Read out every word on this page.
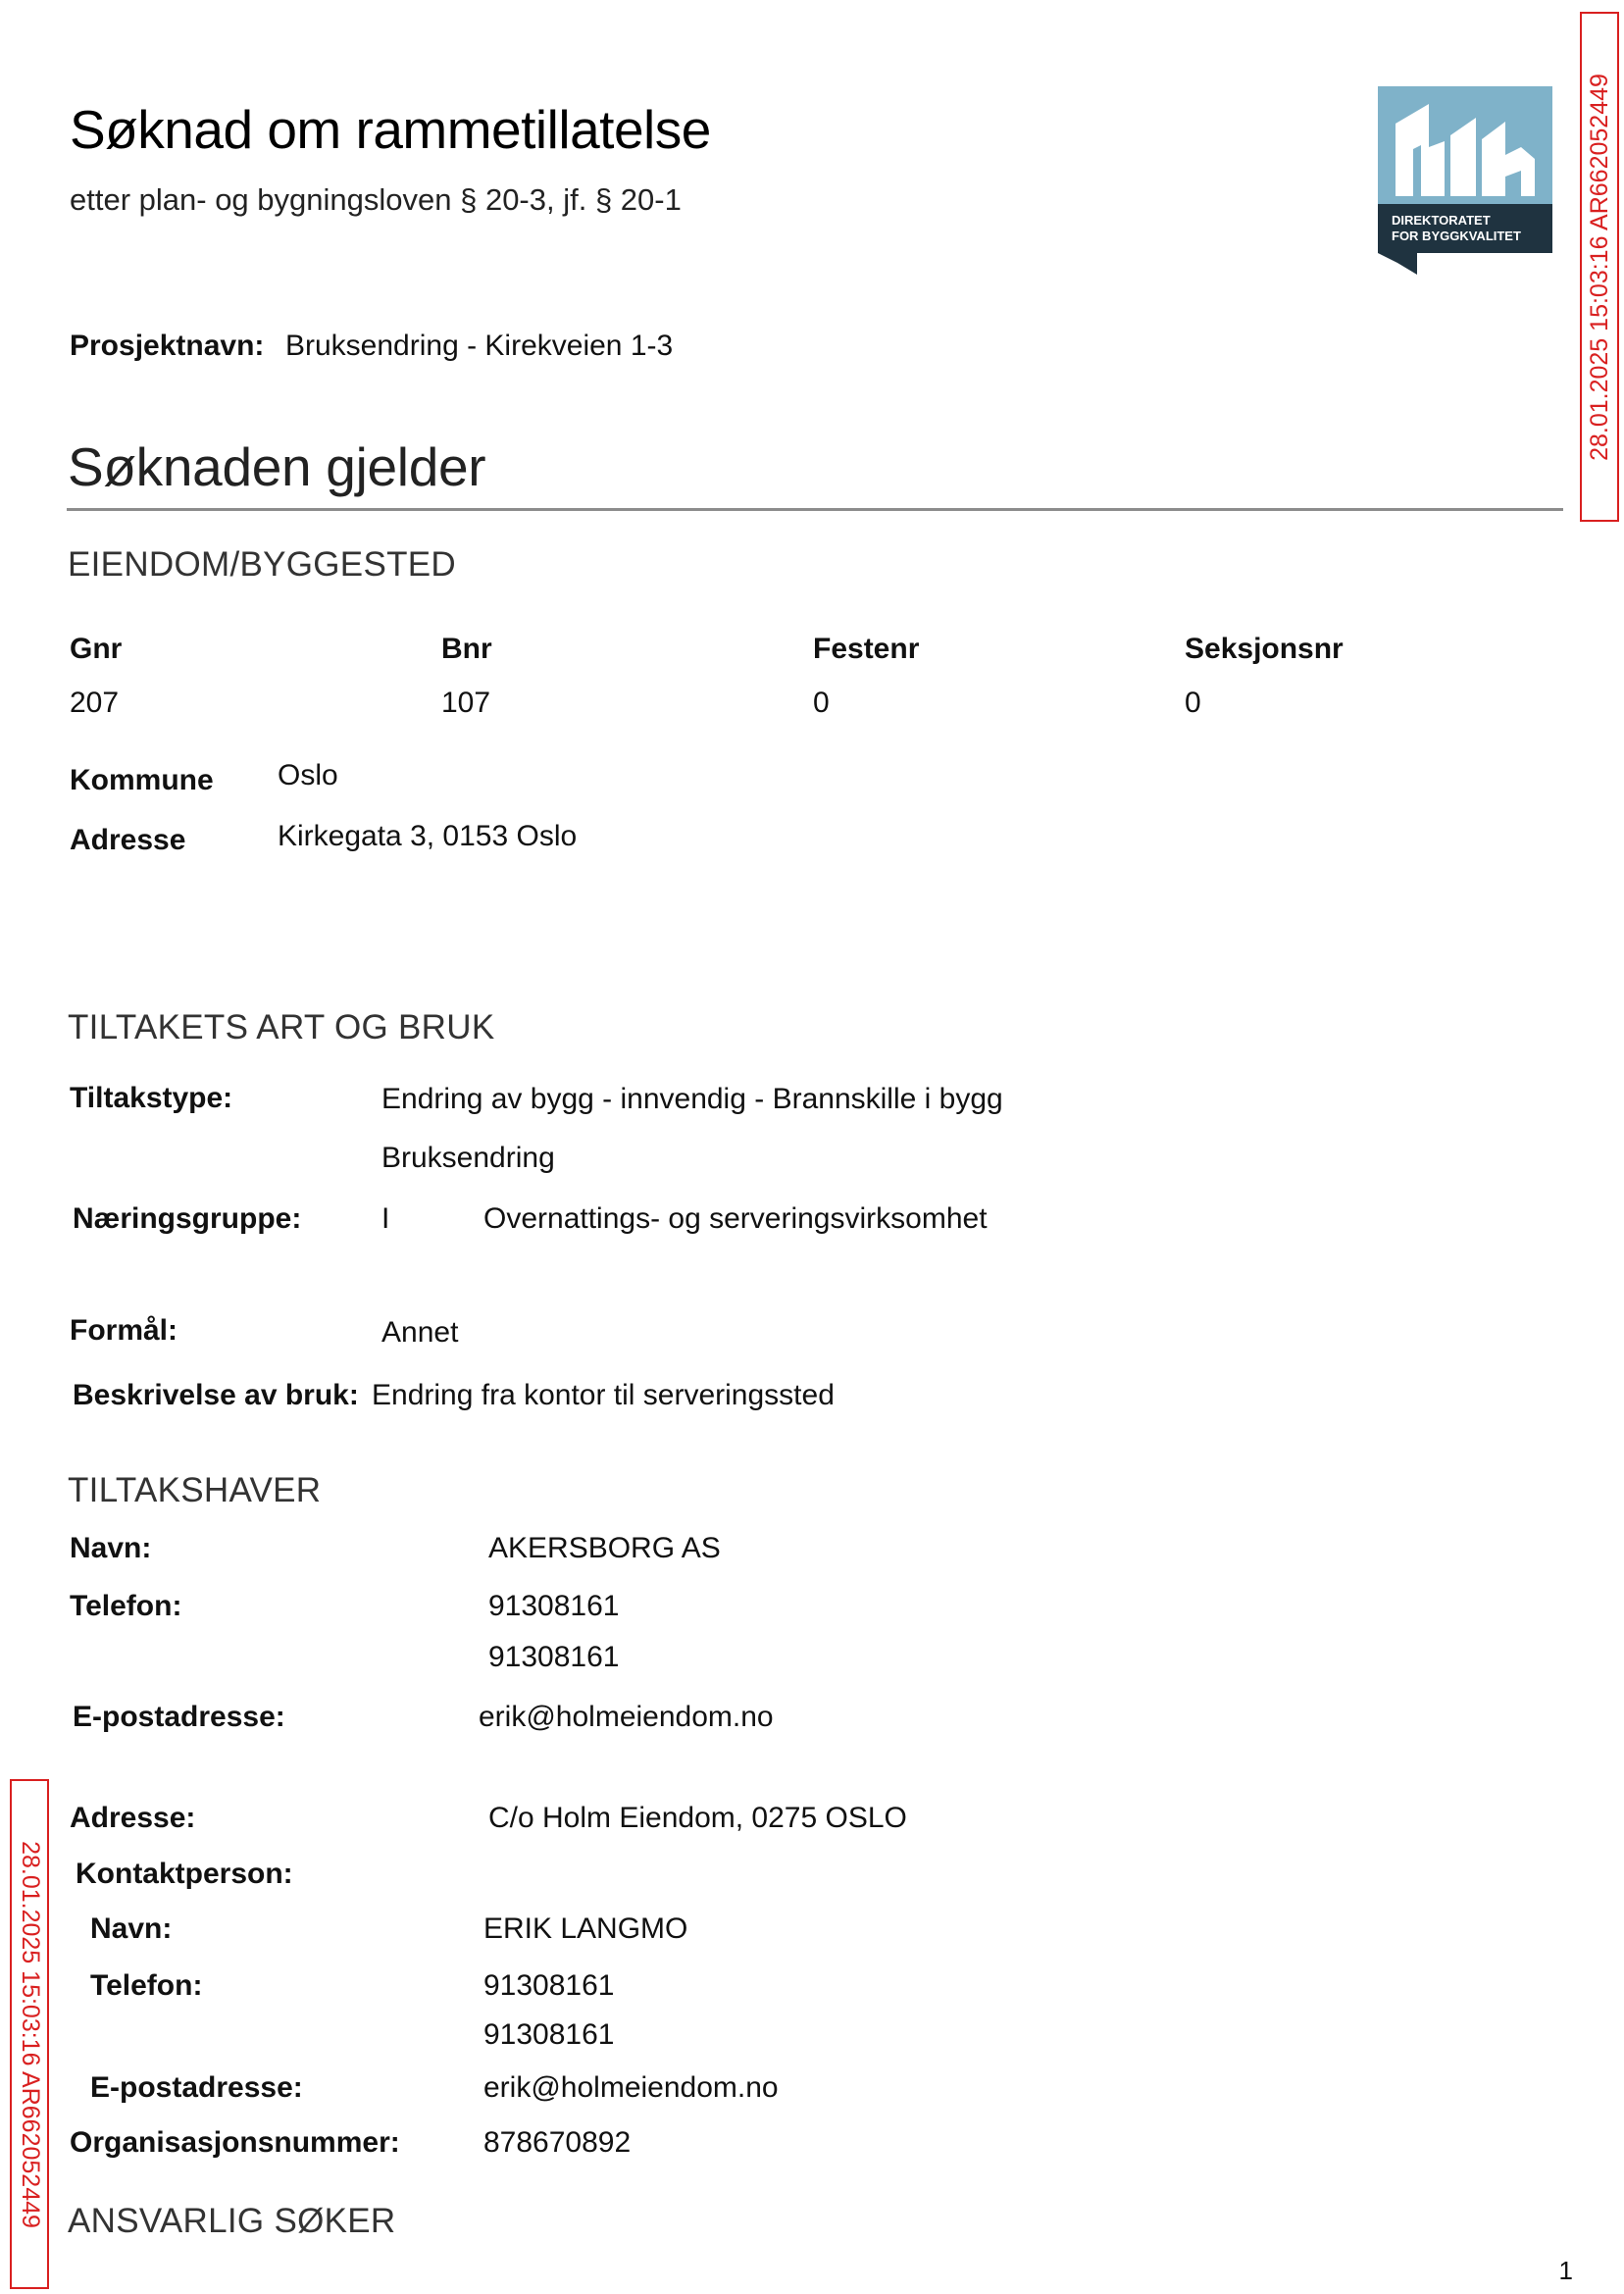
Søknad om rammetillatelse
etter plan- og bygningsloven § 20-3, jf. § 20-1
DIREKTORATET
FOR BYGGKVALITET	28.01.2025 15:03:16 AR662052449
28.01.2025 15:03:16 AR662052449
Prosjektnavn: Bruksendring - Kirekveien 1-3
Søknaden gjelder
EIENDOM/BYGGESTED
Gnr	Bnr	Festenr	Seksjonsnr
207	107	0	0
Kommune Oslo
Adresse	Kirkegata 3, 0153 Oslo
TILTAKETS ART OG BRUK
Tiltakstype:	Endring av bygg - innvendig - Brannskille i bygg
Bruksendring
Næringsgruppe:	I	Overnattings- og serveringsvirksomhet
Formål:	Annet
Beskrivelse av bruk: Endring fra kontor til serveringssted
TILTAKSHAVER
Navn:	AKERSBORG AS
Telefon:	91308161
91308161
E-postadresse:	erik@holmeiendom.no
Adresse:	C/o Holm Eiendom, 0275 OSLO
Kontaktperson:
Navn:	ERIK LANGMO
Telefon:	91308161
91308161
E-postadresse:	erik@holmeiendom.no
Organisasjonsnummer:	878670892
ANSVARLIG SØKER
1
